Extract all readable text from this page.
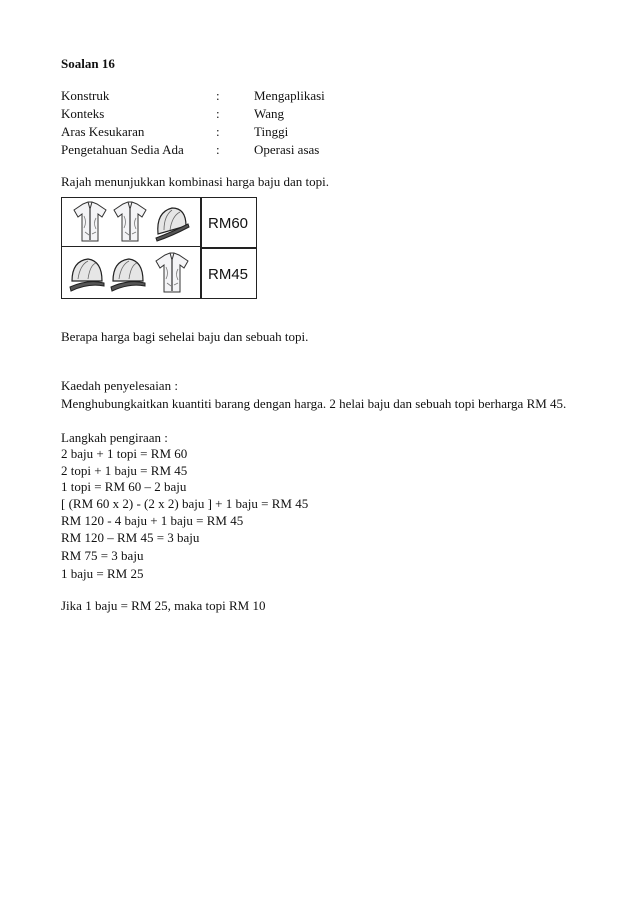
Soalan 16
Konstruk	:	Mengaplikasi
Konteks	:	Wang
Aras Kesukaran	:	Tinggi
Pengetahuan Sedia Ada :	Operasi asas
Rajah menunjukkan kombinasi harga baju dan topi.
RM60
RM45
Berapa harga bagi sehelai baju dan sebuah topi.
Kaedah penyelesaian :
Menghubungkaitkan kuantiti barang dengan harga. 2 helai baju dan sebuah topi berharga RM 45.
Langkah pengiraan :
2 baju + 1 topi = RM 60
2 topi + 1 baju = RM 45
1 topi = RM 60 – 2 baju
[ (RM 60 x 2) - (2 x 2) baju ] + 1 baju = RM 45
RM 120 - 4 baju + 1 baju = RM 45
RM 120 – RM 45 = 3 baju
RM 75 = 3 baju
1 baju = RM 25
Jika 1 baju = RM 25, maka topi RM 10
